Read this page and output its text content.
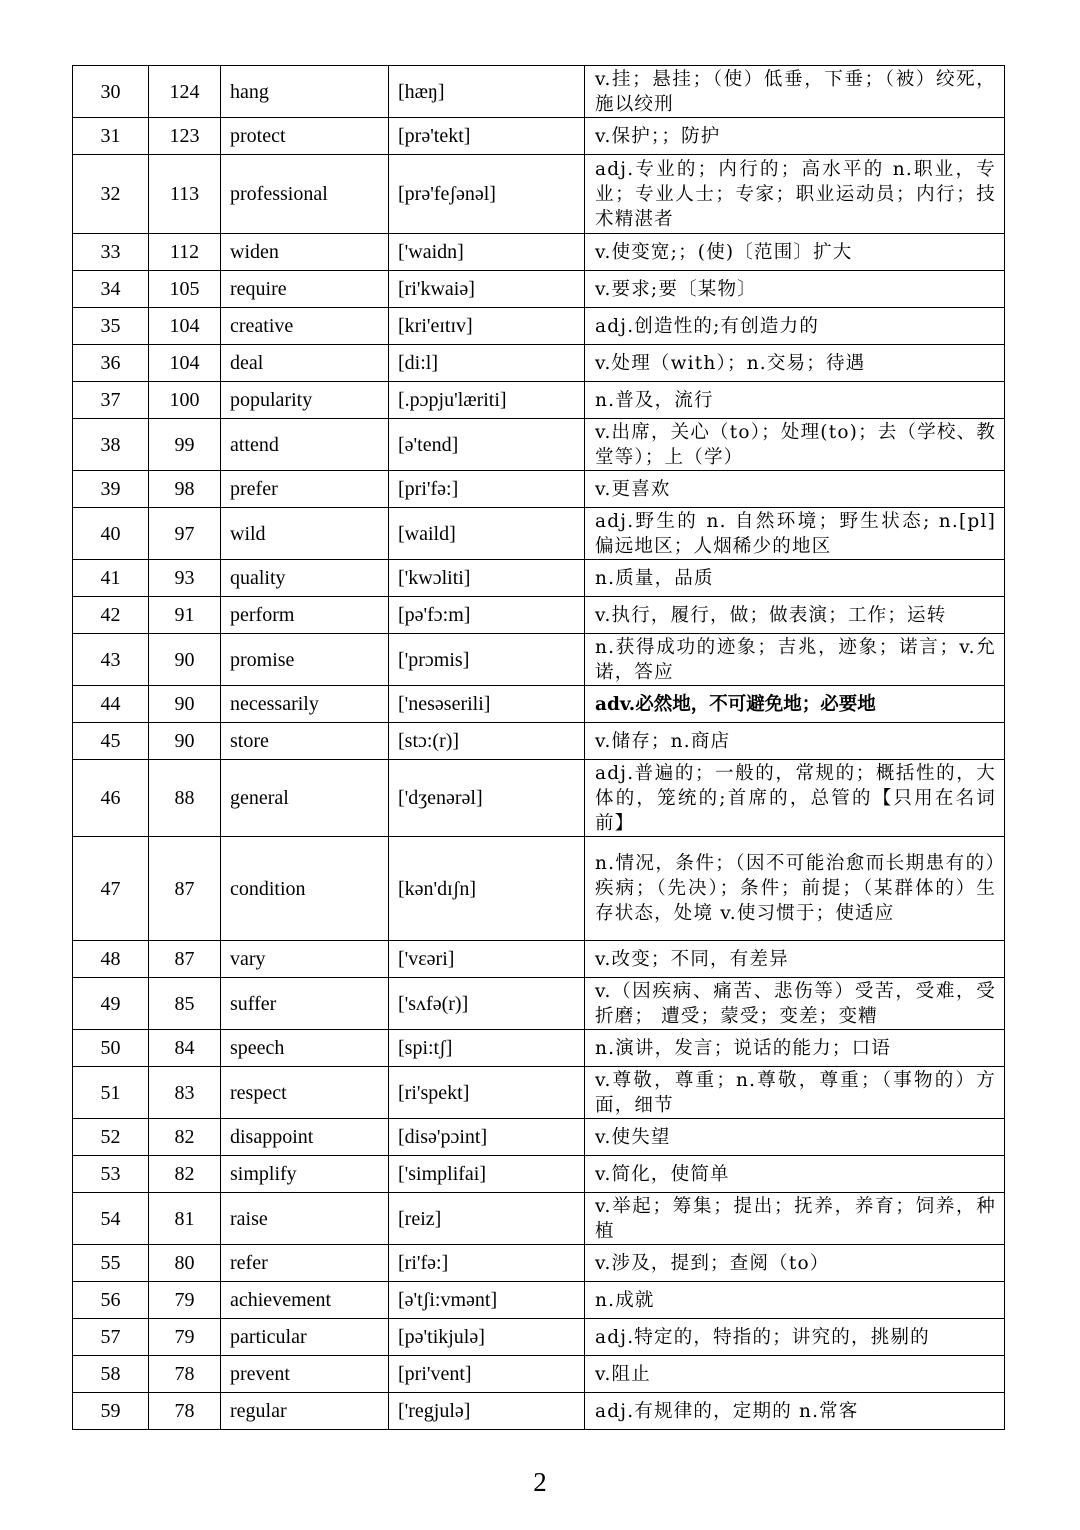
30	124	hang	[hæŋ]	v.挂；悬挂；（使）低垂，下垂；（被）绞死，施以绞刑
31	123	protect	[prə'tekt]	v.保护；；防护
32	113	professional	[prə'feʃənəl]	adj.专业的；内行的；高水平的 n.职业，专业；专业人士；专家；职业运动员；内行；技术精湛者
33	112	widen	['waidn]	v.使变宽;；(使)〔范围〕扩大
34	105	require	[ri'kwaiə]	v.要求;要〔某物〕
35	104	creative	[kri'eɪtɪv]	adj.创造性的;有创造力的
36	104	deal	[di:l]	v.处理（with）；n.交易；待遇
37	100	popularity	[.pɔpju'læriti]	n.普及，流行
38	99	attend	[ə'tend]	v.出席，关心（to）；处理(to)；去（学校、教堂等）；上（学）
39	98	prefer	[pri'fə:]	v.更喜欢
40	97	wild	[waild]	adj.野生的 n. 自然环境；野生状态; n.[pl]偏远地区；人烟稀少的地区
41	93	quality	['kwɔliti]	n.质量，品质
42	91	perform	[pə'fɔ:m]	v.执行，履行，做；做表演；工作；运转
43	90	promise	['prɔmis]	n.获得成功的迹象；吉兆，迹象；诺言；v.允诺，答应
44	90	necessarily	['nesəserili]	adv.必然地，不可避免地；必要地
45	90	store	[stɔ:(r)]	v.储存；n.商店
46	88	general	['dʒenərəl]	adj.普遍的；一般的，常规的；概括性的，大体的，笼统的;首席的，总管的【只用在名词前】
47	87	condition	[kən'dɪʃn]	n.情况，条件；（因不可能治愈而长期患有的）疾病；（先决）；条件；前提；（某群体的）生存状态，处境 v.使习惯于；使适应
48	87	vary	['vɛəri]	v.改变；不同，有差异
49	85	suffer	['sʌfə(r)]	v.（因疾病、痛苦、悲伤等）受苦，受难，受折磨； 遭受；蒙受；变差；变糟
50	84	speech	[spi:tʃ]	n.演讲，发言；说话的能力；口语
51	83	respect	[ri'spekt]	v.尊敬，尊重；n.尊敬，尊重；（事物的）方面，细节
52	82	disappoint	[disə'pɔint]	v.使失望
53	82	simplify	['simplifai]	v.简化，使简单
54	81	raise	[reiz]	v.举起；筹集；提出；抚养，养育；饲养，种植
55	80	refer	[ri'fə:]	v.涉及，提到；查阅（to）
56	79	achievement	[ə'tʃi:vmənt]	n.成就
57	79	particular	[pə'tikjulə]	adj.特定的，特指的；讲究的，挑剔的
58	78	prevent	[pri'vent]	v.阻止
59	78	regular	['regjulə]	adj.有规律的，定期的 n.常客
2
